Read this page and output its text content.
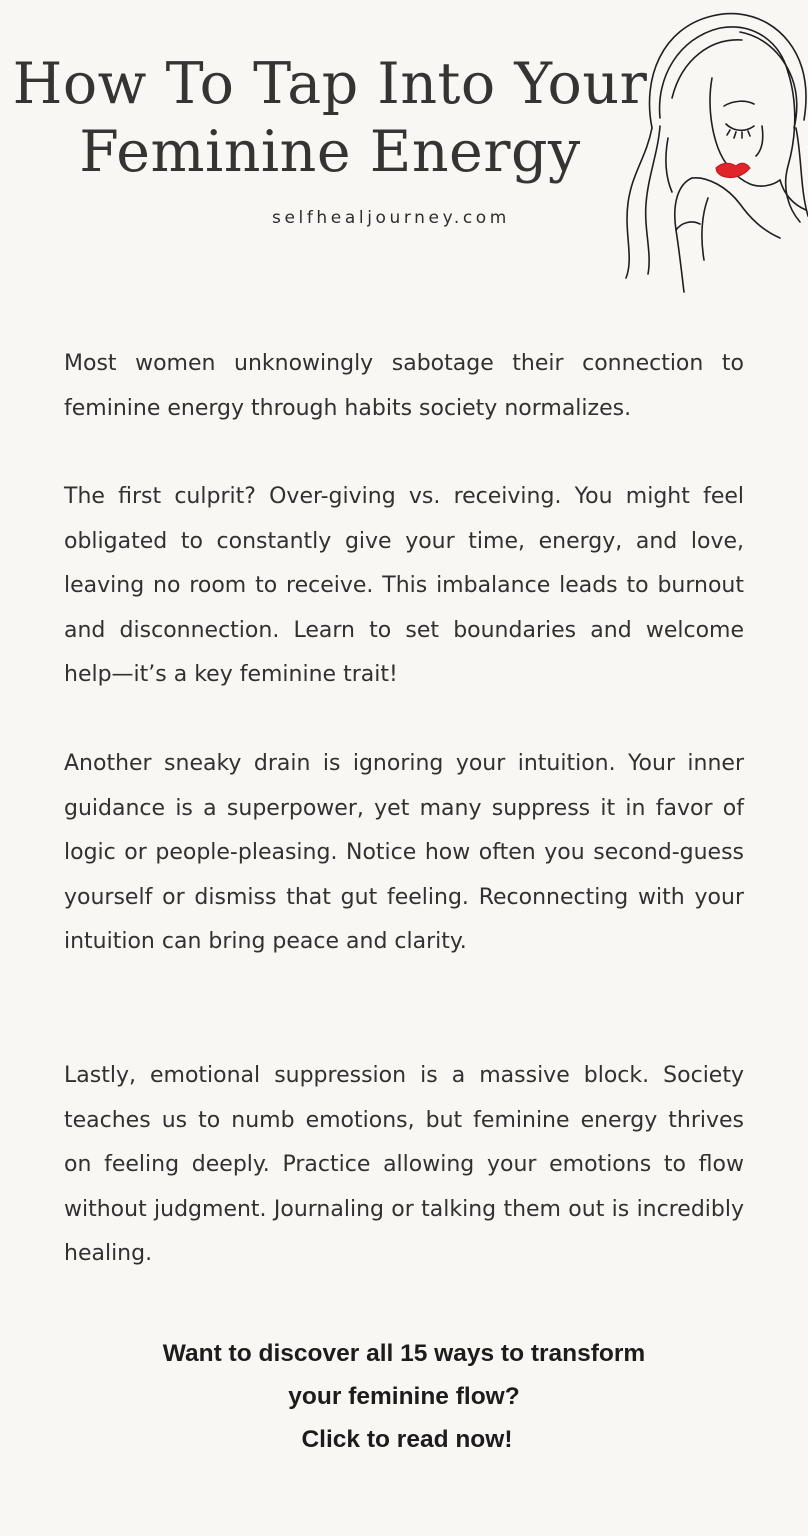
How To Tap Into Your
Feminine Energy
selfhealjourney.com

Most women unknowingly sabotage their connection to feminine energy through habits society normalizes.

The first culprit? Over-giving vs. receiving. You might feel obligated to constantly give your time, energy, and love, leaving no room to receive. This imbalance leads to burnout and disconnection. Learn to set boundaries and welcome help—it’s a key feminine trait!

Another sneaky drain is ignoring your intuition. Your inner guidance is a superpower, yet many suppress it in favor of logic or people-pleasing. Notice how often you second-guess yourself or dismiss that gut feeling. Reconnecting with your intuition can bring peace and clarity.

Lastly, emotional suppression is a massive block. Society teaches us to numb emotions, but feminine energy thrives on feeling deeply. Practice allowing your emotions to flow without judgment. Journaling or talking them out is incredibly healing.

Want to discover all 15 ways to transform
your feminine flow?
Click to read now!
